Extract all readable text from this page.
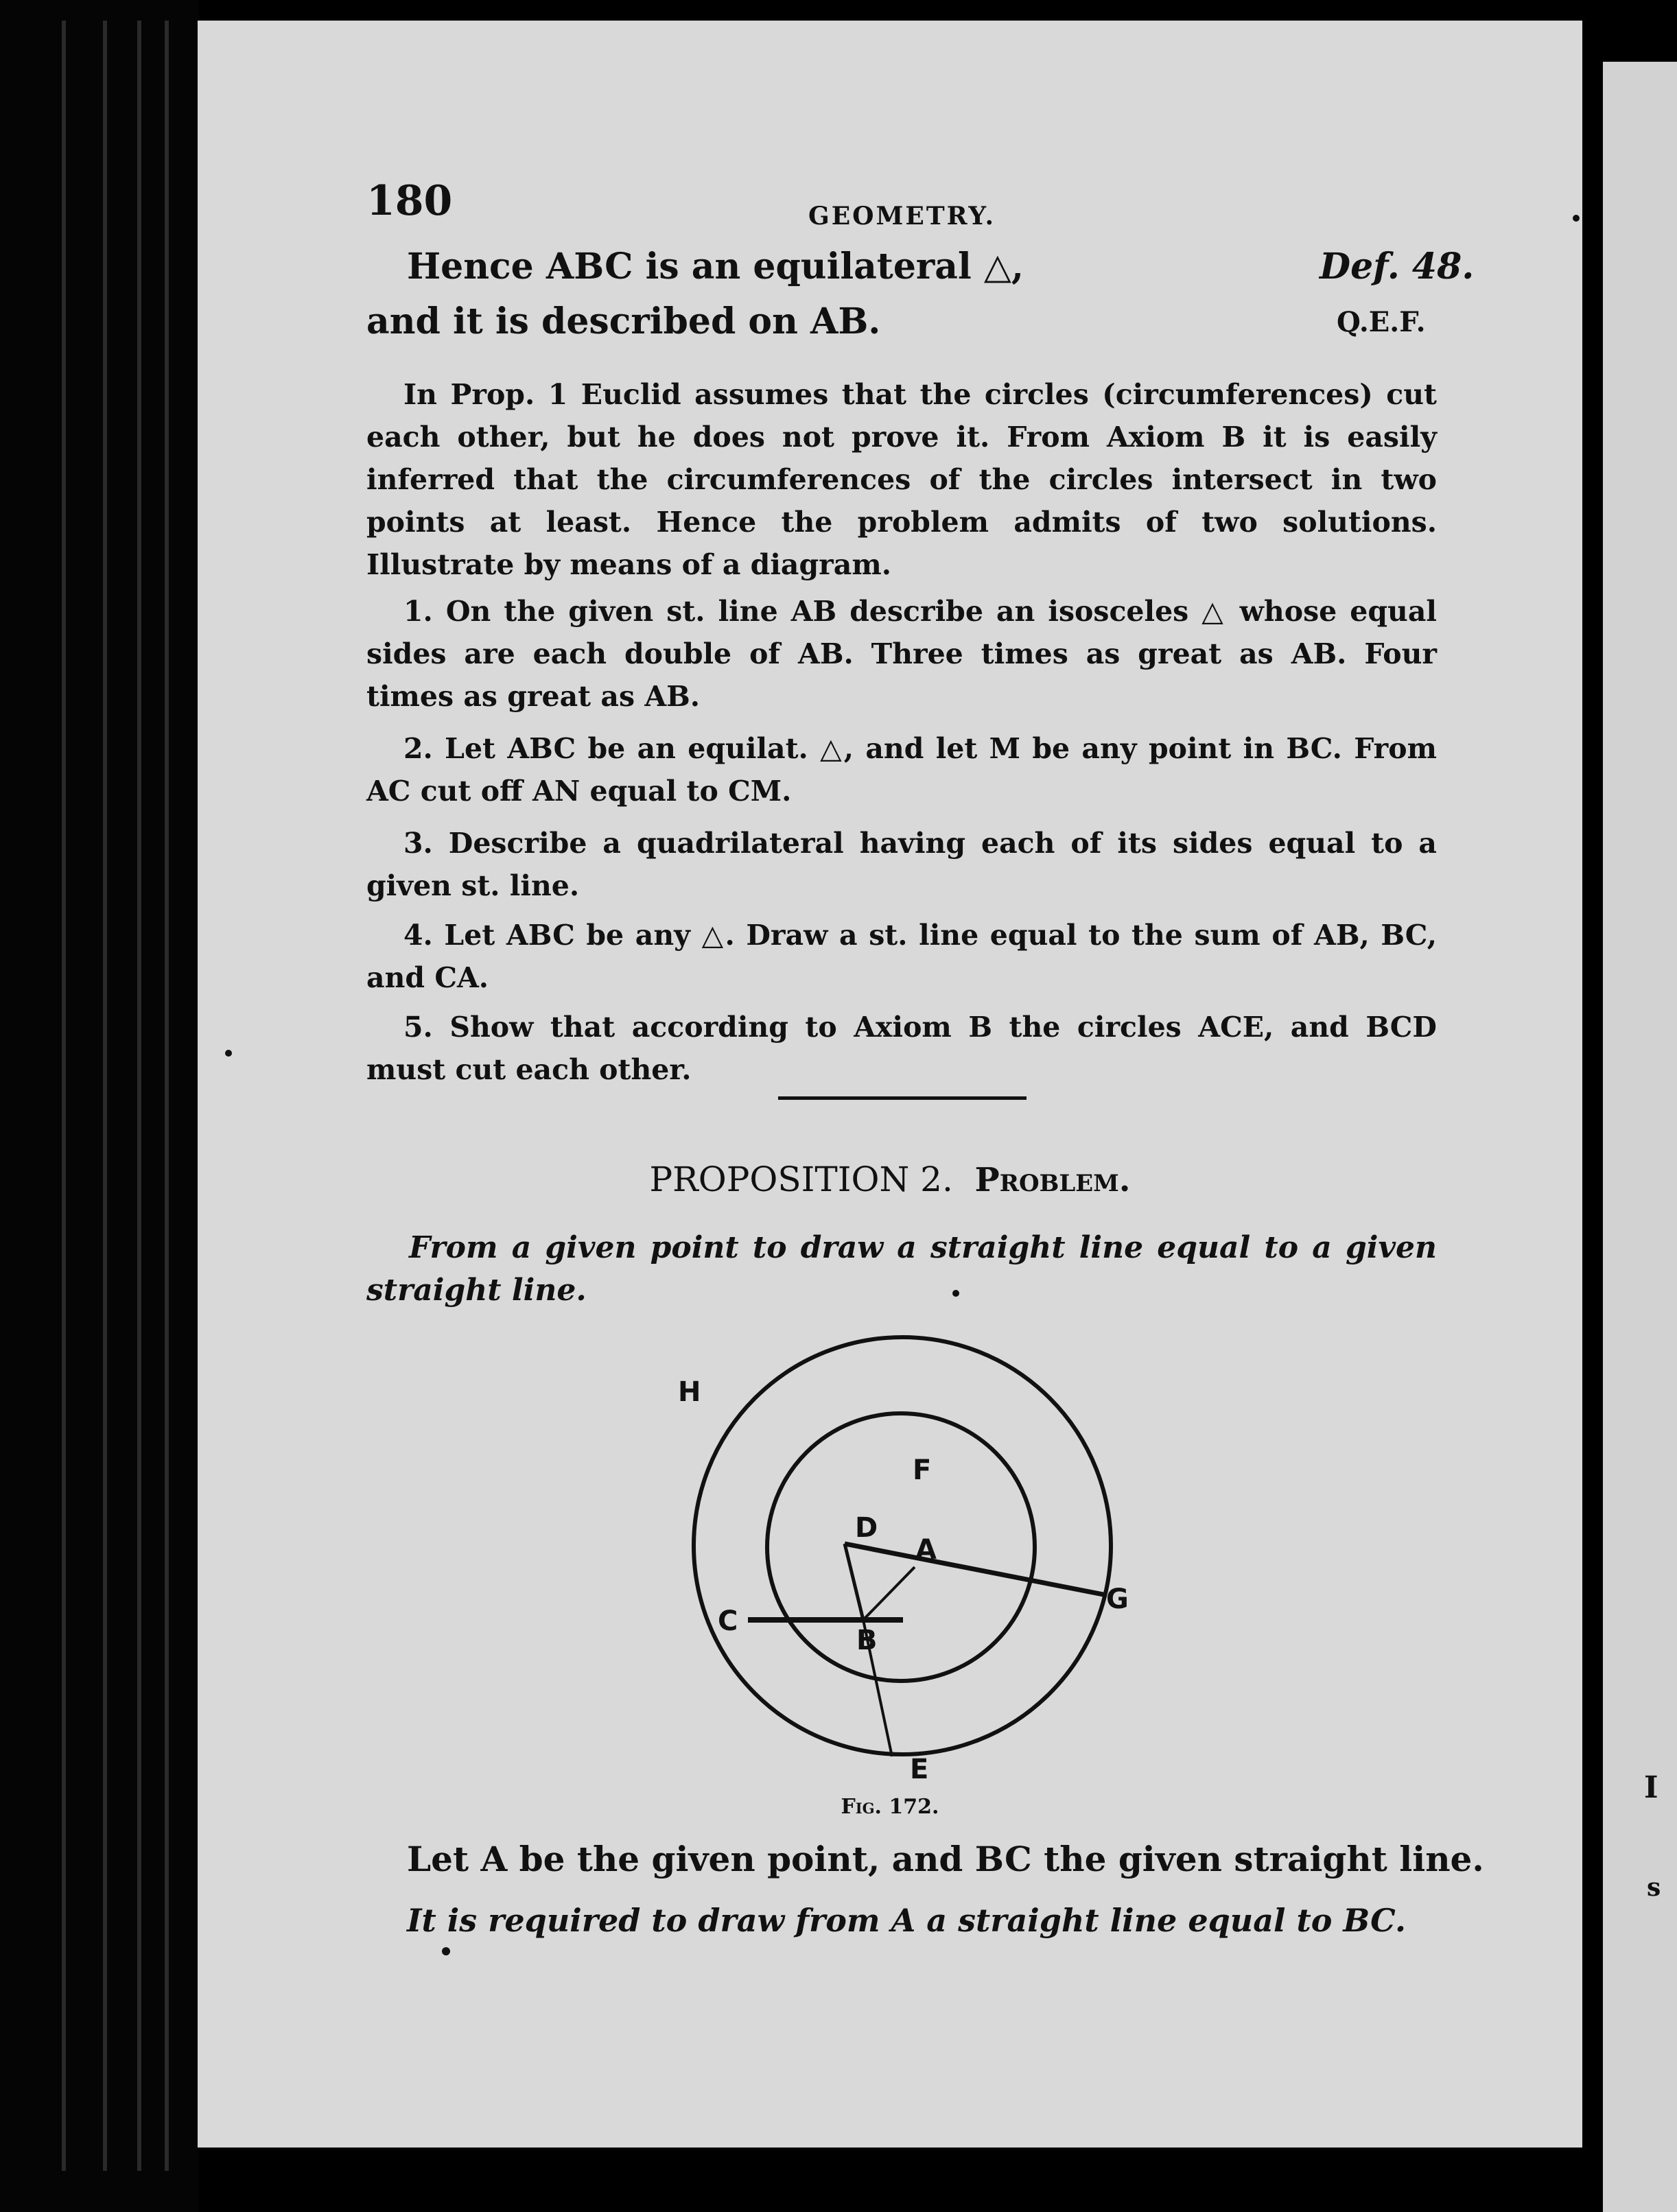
I
s
180	GEOMETRY.
Hence ABC is an equilateral △,	Def. 48.
and it is described on AB.	Q.E.F.
In Prop. 1 Euclid assumes that the circles (circumferences) cut each other, but he does not prove it. From Axiom B it is easily inferred that the circumferences of the circles intersect in two points at least. Hence the problem admits of two solutions. Illustrate by means of a diagram.
1. On the given st. line AB describe an isosceles △ whose equal sides are each double of AB. Three times as great as AB. Four times as great as AB.
2. Let ABC be an equilat. △, and let M be any point in BC. From AC cut off AN equal to CM.
3. Describe a quadrilateral having each of its sides equal to a given st. line.
4. Let ABC be any △. Draw a st. line equal to the sum of AB, BC, and CA.
5. Show that according to Axiom B the circles ACE, and BCD must cut each other.
PROPOSITION 2. Problem.
From a given point to draw a straight line equal to a given straight line.
H
F
D
A
G
C
B
E
Fig. 172.
Let A be the given point, and BC the given straight line.
It is required to draw from A a straight line equal to BC.
